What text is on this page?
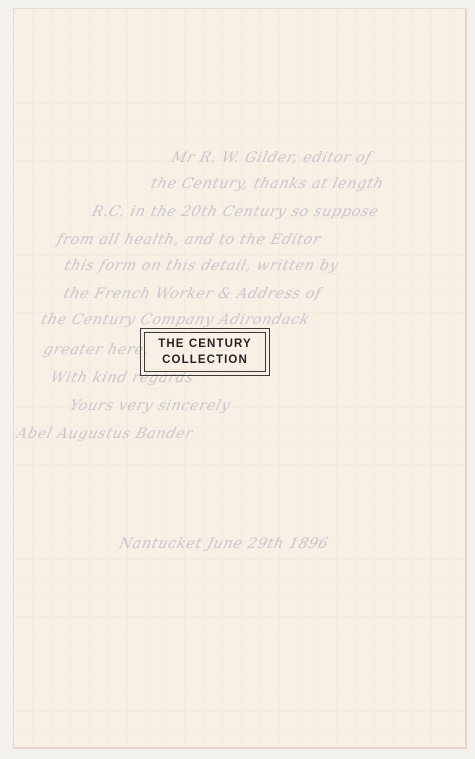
Mr R. W. Gilder, editor of
the Century, thanks at length
R.C. in the 20th Century so suppose
from all health, and to the Editor
this form on this detail, written by
the French Worker & Address of
the Century Company Adirondack
greater here.
With kind regards
Yours very sincerely
Abel Augustus Bander
Nantucket June 29th 1896
THE CENTURY
COLLECTION
